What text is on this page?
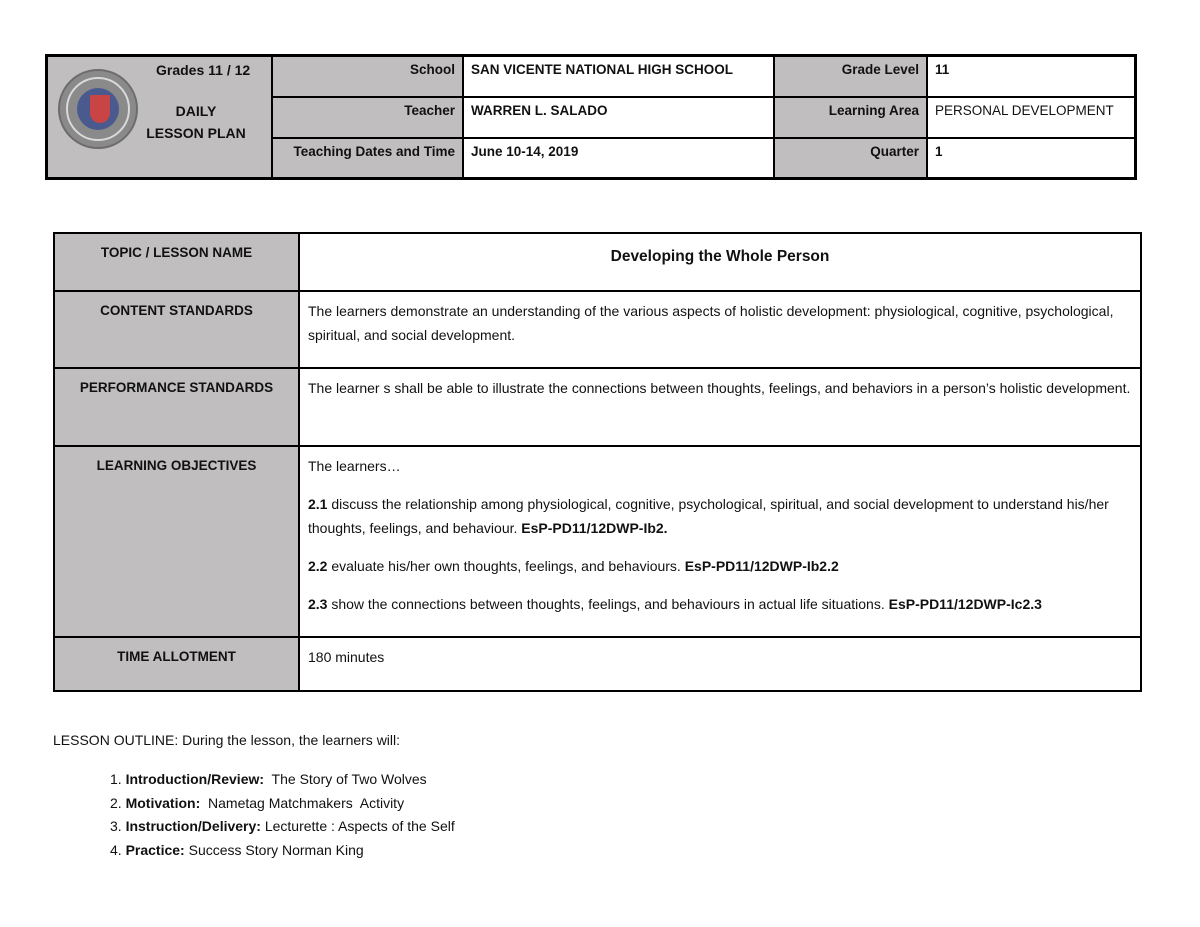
Grades 11 / 12
DAILY LESSON PLAN
School	SAN VICENTE NATIONAL HIGH SCHOOL	Grade Level	11
Teacher	WARREN L. SALADO	Learning Area	PERSONAL DEVELOPMENT
Teaching Dates and Time	June 10-14, 2019	Quarter	1
TOPIC / LESSON NAME	Developing the Whole Person
CONTENT STANDARDS	The learners demonstrate an understanding of the various aspects of holistic development: physiological, cognitive, psychological, spiritual, and social development.
PERFORMANCE STANDARDS	The learner s shall be able to illustrate the connections between thoughts, feelings, and behaviors in a person’s holistic development.
LEARNING OBJECTIVES	The learners…

2.1 discuss the relationship among physiological, cognitive, psychological, spiritual, and social development to understand his/her thoughts, feelings, and behaviour. EsP-PD11/12DWP-Ib2.

2.2 evaluate his/her own thoughts, feelings, and behaviours. EsP-PD11/12DWP-Ib2.2

2.3 show the connections between thoughts, feelings, and behaviours in actual life situations. EsP-PD11/12DWP-Ic2.3

TIME ALLOTMENT	180 minutes
LESSON OUTLINE: During the lesson, the learners will:
1. Introduction/Review:  The Story of Two Wolves
2. Motivation:  Nametag Matchmakers  Activity
3. Instruction/Delivery: Lecturette : Aspects of the Self
4. Practice: Success Story Norman King
